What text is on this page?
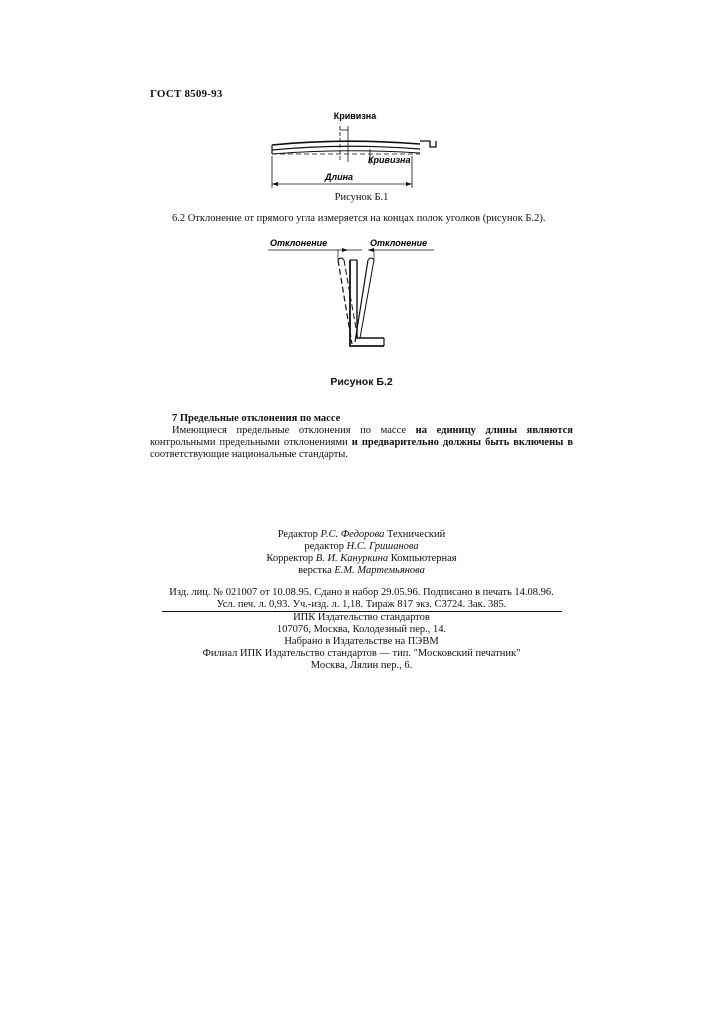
ГОСТ 8509-93
Кривизна
Кривизна
Длина
Рисунок Б.1
6.2 Отклонение от прямого угла измеряется на концах полок уголков (рисунок Б.2).
Отклонение	Отклонение
Рисунок Б.2
7 Предельные отклонения по массе
Имеющиеся предельные отклонения по массе на единицу длины являются контрольными предельными отклонениями и предварительно должны быть включены в соответствующие национальные стандарты.
Редактор Р.С. Федорова Технический редактор Н.С. Гришанова
Корректор В. И. Кануркина Компьютерная верстка Е.М. Мартемьянова
Изд. лиц. № 021007 от 10.08.95. Сдано в набор 29.05.96. Подписано в печать 14.08.96. Усл. печ. л. 0,93. Уч.-изд. л. 1,18. Тираж 817 экз. С3724. Зак. 385.
ИПК Издательство стандартов
107076, Москва, Колодезный пер., 14.
Набрано в Издательстве на ПЭВМ
Филиал ИПК Издательство стандартов — тип. "Московский печатник"
Москва, Лялин пер., 6.
